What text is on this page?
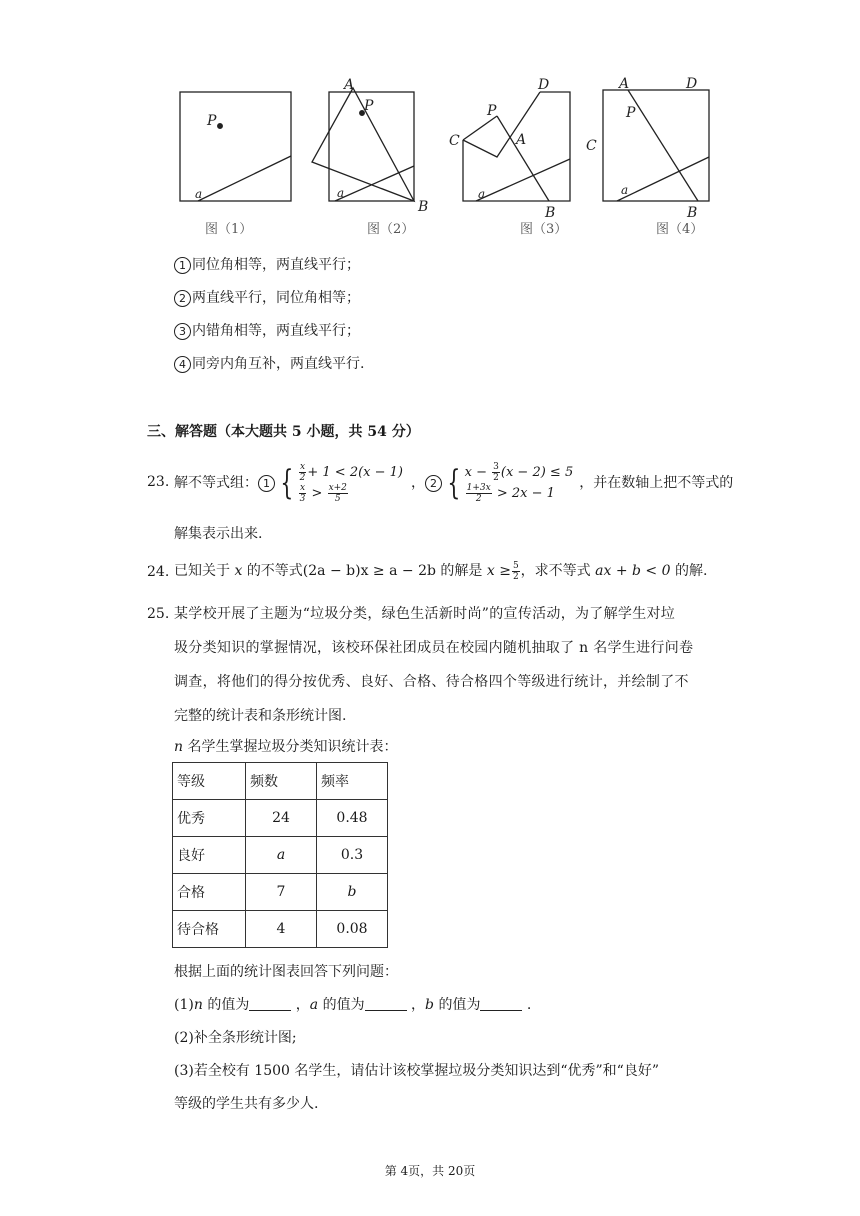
P
a
图（1）
A
P
a
B
图（2）
D
P
C	A
a
B
图（3）
A	D
P
C
a
B
图（4）
1 同位角相等，两直线平行；
2 两直线平行，同位角相等；
3 内错角相等，两直线平行；
4 同旁内角互补，两直线平行.
三、解答题（本大题共 5 小题，共 54 分）
23. 解不等式组： 1 { $\frac{x}{2} + 1 < 2(x - 1)$
$\frac{x}{3} > \frac{x+2}{5}$	， 2 { $x - \frac{3}{2} (x - 2) \le 5$
$\frac{1+3x}{2} > 2x - 1$
，并在数轴上把不等式的
解集表示出来.
24. 已知关于
x
的不等式(2a − b)x ≥ a − 2b 的解是
$x \ge \frac{5}{2}$ ，求不等式
ax + b < 0
的解.
25. 某学校开展了主题为“垃圾分类，绿色生活新时尚”的宣传活动，为了解学生对垃
圾分类知识的掌握情况，该校环保社团成员在校园内随机抽取了 n 名学生进行问卷
调查，将他们的得分按优秀、良好、合格、待合格四个等级进行统计，并绘制了不
完整的统计表和条形统计图.
n 名学生掌握垃圾分类知识统计表：
等级	频数	频率
优秀	24	0.48
良好	a	0.3
合格	7	b
待合格	4	0.08
根据上面的统计图表回答下列问题：
(1)n 的值为	，a 的值为	，b 的值为	.
(2)补全条形统计图;
(3)若全校有 1500 名学生，请估计该校掌握垃圾分类知识达到“优秀”和“良好”
等级的学生共有多少人.
第 4页，共 20页
